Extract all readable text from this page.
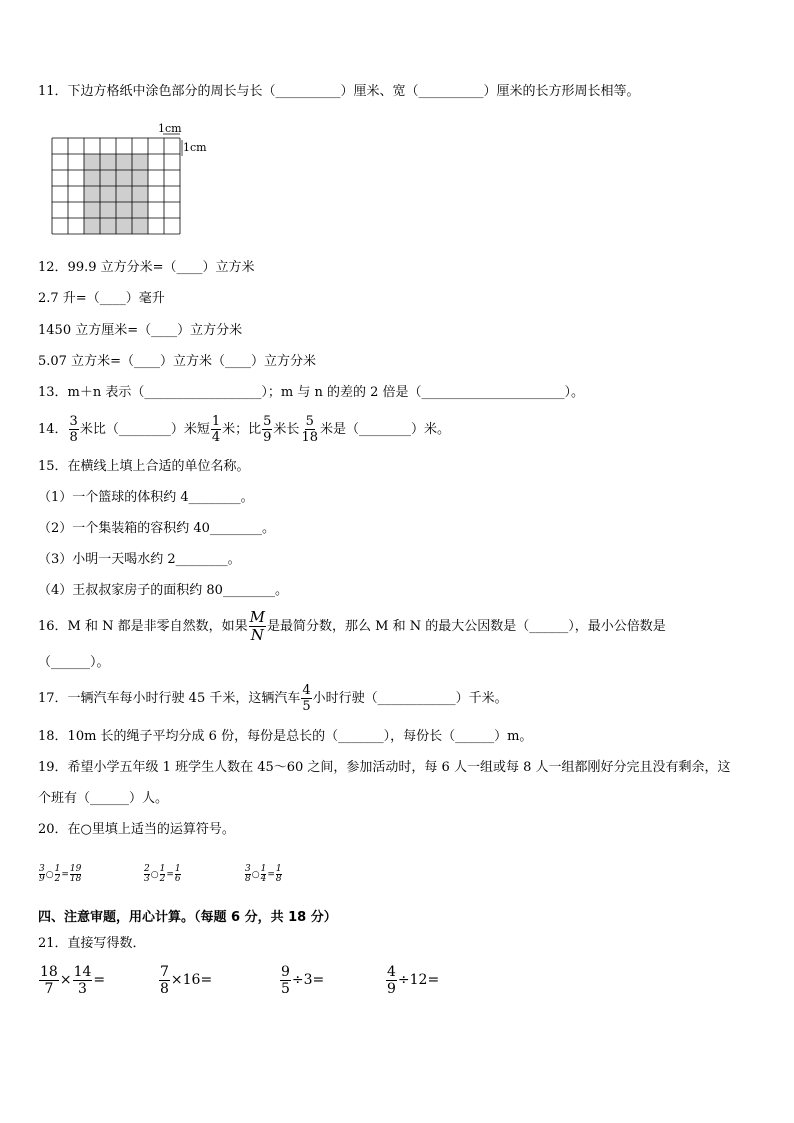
11．下边方格纸中涂色部分的周长与长（__________）厘米、宽（__________）厘米的长方形周长相等。
1cm
1cm
12．99.9 立方分米=（____）立方米
2.7 升=（____）毫升
1450 立方厘米=（____）立方分米
5.07 立方米=（____）立方米（____）立方分米
13．m＋n 表示（__________________）；m 与 n 的差的 2 倍是（______________________）。
14． $\frac{3}{8}$ 米比（________）米短 $\frac{1}{4}$ 米；比 $\frac{5}{9}$ 米长 $\frac{5}{18}$ 米是（________）米。
15．在横线上填上合适的单位名称。
（1）一个篮球的体积约 4________。
（2）一个集装箱的容积约 40________。
（3）小明一天喝水约 2________。
（4）王叔叔家房子的面积约 80________。
16．M 和 N 都是非零自然数，如果 $\frac{M}{N}$ 是最简分数，那么 M 和 N 的最大公因数是（______），最小公倍数是
（______）。
17．一辆汽车每小时行驶 45 千米，这辆汽车 $\frac{4}{5}$ 小时行驶（____________）千米。
18．10m 长的绳子平均分成 6 份，每份是总长的（_______），每份长（______）m。
19．希望小学五年级 1 班学生人数在 45～60 之间，参加活动时，每 6 人一组或每 8 人一组都刚好分完且没有剩余，这
个班有（______）人。
20．在○里填上适当的运算符号。
$\frac{3}{9}$ ○ $\frac{1}{2} = \frac{19}{18}$	$\frac{2}{3}$ ○ $\frac{1}{2} = \frac{1}{6}$	$\frac{3}{8}$ ○ $\frac{1}{4} = \frac{1}{8}$
四、注意审题，用心计算。（每题 6 分，共 18 分）
21．直接写得数．
$\frac{18}{7} \times \frac{14}{3}$ =	$\frac{7}{8} \times 16=$	$\frac{9}{5} \div 3=$	$\frac{4}{9} \div 12=$
